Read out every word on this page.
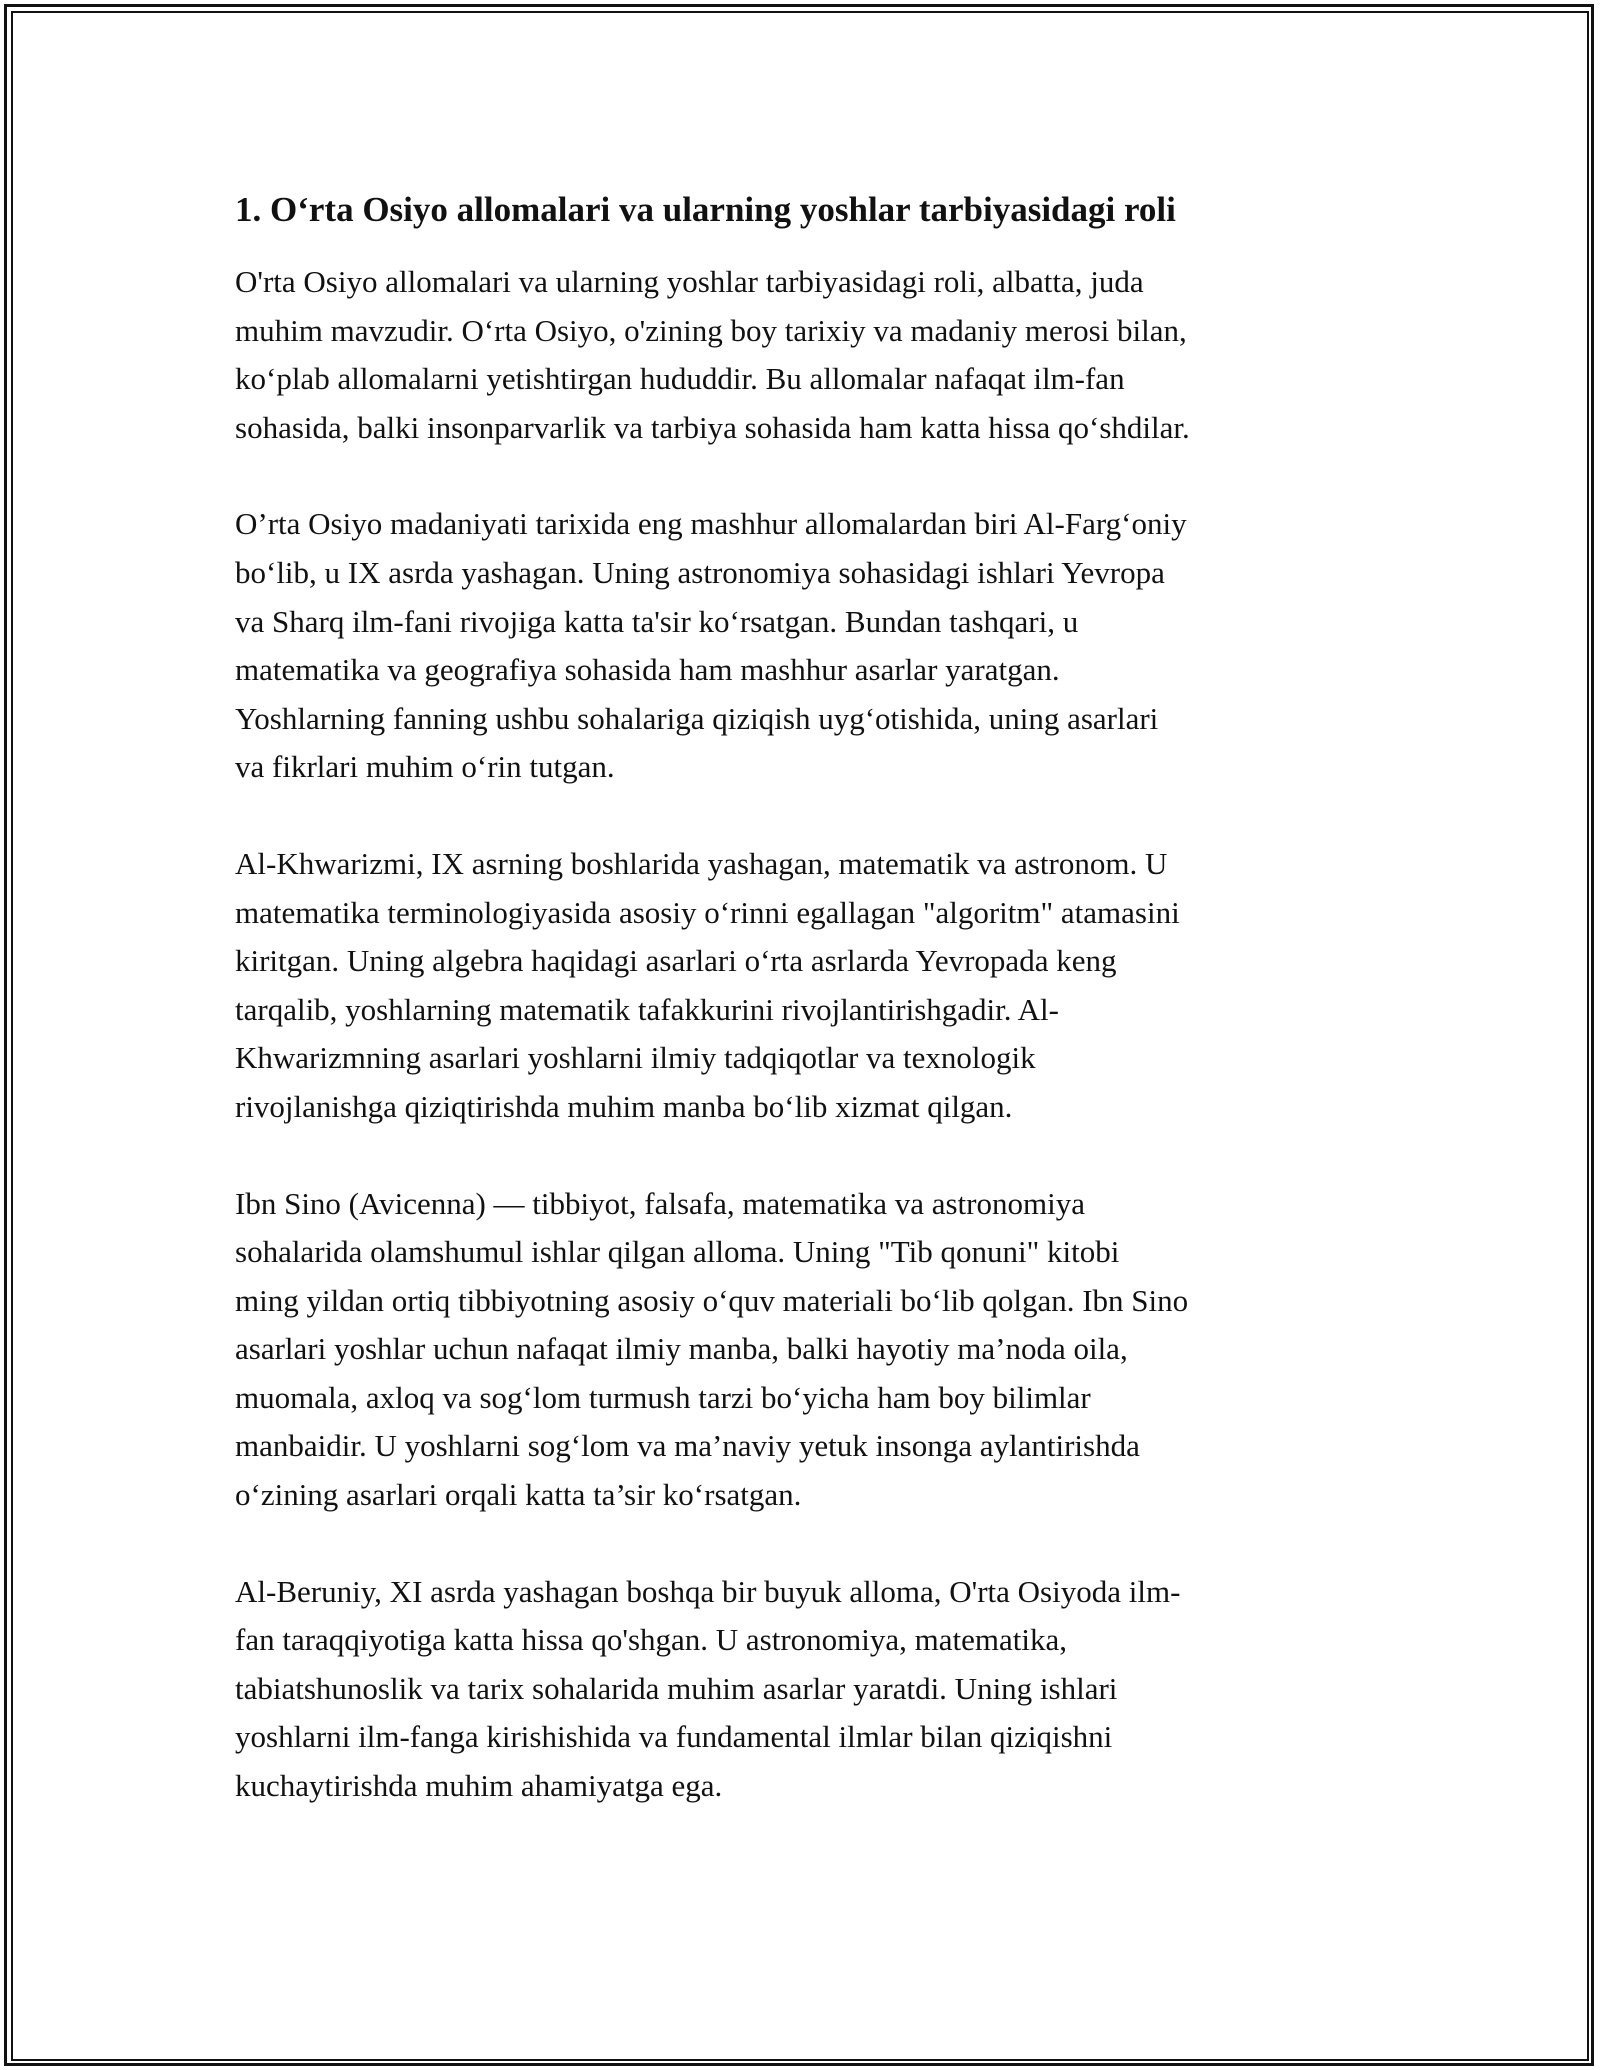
1. O‘rta Osiyo allomalari va ularning yoshlar tarbiyasidagi roli

O'rta Osiyo allomalari va ularning yoshlar tarbiyasidagi roli, albatta, juda
muhim mavzudir. O‘rta Osiyo, o'zining boy tarixiy va madaniy merosi bilan,
ko‘plab allomalarni yetishtirgan hududdir. Bu allomalar nafaqat ilm-fan
sohasida, balki insonparvarlik va tarbiya sohasida ham katta hissa qo‘shdilar.

O’rta Osiyo madaniyati tarixida eng mashhur allomalardan biri Al-Farg‘oniy
bo‘lib, u IX asrda yashagan. Uning astronomiya sohasidagi ishlari Yevropa
va Sharq ilm-fani rivojiga katta ta'sir ko‘rsatgan. Bundan tashqari, u
matematika va geografiya sohasida ham mashhur asarlar yaratgan.
Yoshlarning fanning ushbu sohalariga qiziqish uyg‘otishida, uning asarlari
va fikrlari muhim o‘rin tutgan.

Al-Khwarizmi, IX asrning boshlarida yashagan, matematik va astronom. U
matematika terminologiyasida asosiy o‘rinni egallagan "algoritm" atamasini
kiritgan. Uning algebra haqidagi asarlari o‘rta asrlarda Yevropada keng
tarqalib, yoshlarning matematik tafakkurini rivojlantirishgadir. Al-
Khwarizmning asarlari yoshlarni ilmiy tadqiqotlar va texnologik
rivojlanishga qiziqtirishda muhim manba bo‘lib xizmat qilgan.

Ibn Sino (Avicenna) — tibbiyot, falsafa, matematika va astronomiya
sohalarida olamshumul ishlar qilgan alloma. Uning "Tib qonuni" kitobi
ming yildan ortiq tibbiyotning asosiy o‘quv materiali bo‘lib qolgan. Ibn Sino
asarlari yoshlar uchun nafaqat ilmiy manba, balki hayotiy ma’noda oila,
muomala, axloq va sog‘lom turmush tarzi bo‘yicha ham boy bilimlar
manbaidir. U yoshlarni sog‘lom va ma’naviy yetuk insonga aylantirishda
o‘zining asarlari orqali katta ta’sir ko‘rsatgan.

Al-Beruniy, XI asrda yashagan boshqa bir buyuk alloma, O'rta Osiyoda ilm-
fan taraqqiyotiga katta hissa qo'shgan. U astronomiya, matematika,
tabiatshunoslik va tarix sohalarida muhim asarlar yaratdi. Uning ishlari
yoshlarni ilm-fanga kirishishida va fundamental ilmlar bilan qiziqishni
kuchaytirishda muhim ahamiyatga ega.
